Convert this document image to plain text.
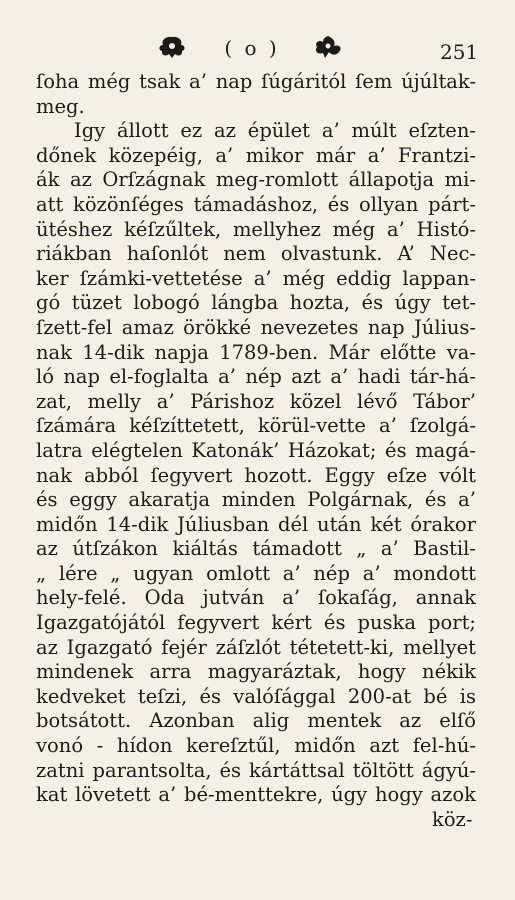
( o )	251
ſoha még tsak a’ nap ſúgáritól ſem újúltak-
meg.
Igy állott ez az épület a’ múlt eſzten-
dőnek közepéig, a’ mikor már a’ Frantzi-
ák az Orſzágnak meg-romlott állapotja mi-
att közönſéges támadáshoz, és ollyan párt-
ütéshez kéſzűltek, mellyhez még a’ Histó-
riákban haſonlót nem olvastunk. A’ Nec-
ker ſzámki-vettetése a’ még eddig lappan-
gó tüzet lobogó lángba hozta, és úgy tet-
ſzett-fel amaz örökké nevezetes nap Július-
nak 14-dik napja 1789-ben. Már előtte va-
ló nap el-foglalta a’ nép azt a’ hadi tár-há-
zat, melly a’ Párishoz közel lévő Tábor’
ſzámára kéſzíttetett, körül-vette a’ ſzolgá-
latra elégtelen Katonák’ Házokat; és magá-
nak abból ſegyvert hozott. Eggy eſze vólt
és eggy akaratja minden Polgárnak, és a’
midőn 14-dik Júliusban dél után két órakor
az útſzákon kiáltás támadott „ a’ Bastil-
„ lére „ ugyan omlott a’ nép a’ mondott
hely-felé. Oda jutván a’ ſokaſág, annak
Igazgatójától fegyvert kért és puska port;
az Igazgató fejér záſzlót tétetett-ki, mellyet
mindenek arra magyaráztak, hogy nékik
kedveket teſzi, és valóſággal 200-at bé is
botsátott. Azonban alig mentek az elſő
vonó - hídon kereſztűl, midőn azt fel-hú-
zatni parantsolta, és kártáttsal töltött ágyú-
kat lövetett a’ bé-menttekre, úgy hogy azok
köz-
